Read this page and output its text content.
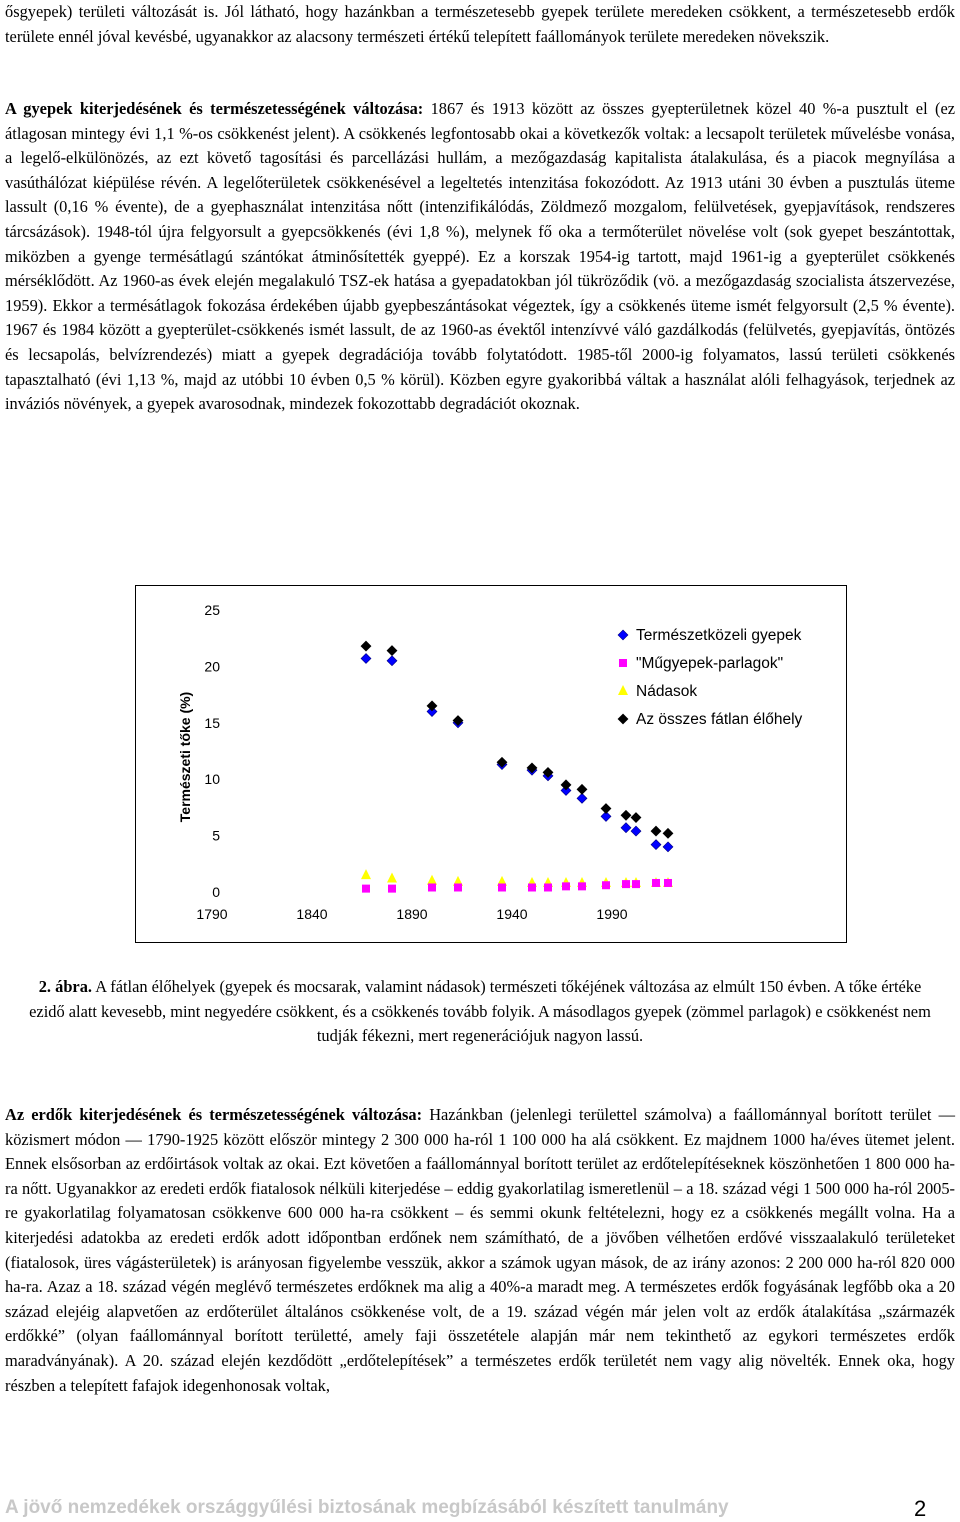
ősgyepek) területi változását is. Jól látható, hogy hazánkban a természetesebb gyepek területe meredeken csökkent, a természetesebb erdők területe ennél jóval kevésbé, ugyanakkor az alacsony természeti értékű telepített faállományok területe meredeken növekszik.

A gyepek kiterjedésének és természetességének változása: 1867 és 1913 között az összes gyepterületnek közel 40 %-a pusztult el (ez átlagosan mintegy évi 1,1 %-os csökkenést jelent). A csökkenés legfontosabb okai a következők voltak: a lecsapolt területek művelésbe vonása, a legelő-elkülönözés, az ezt követő tagosítási és parcellázási hullám, a mezőgazdaság kapitalista átalakulása, és a piacok megnyílása a vasúthálózat kiépülése révén. A legelőterületek csökkenésével a legeltetés intenzitása fokozódott. Az 1913 utáni 30 évben a pusztulás üteme lassult (0,16 % évente), de a gyephasználat intenzitása nőtt (intenzifikálódás, Zöldmező mozgalom, felülvetések, gyepjavítások, rendszeres tárcsázások). 1948-tól újra felgyorsult a gyepcsökkenés (évi 1,8 %), melynek fő oka a termőterület növelése volt (sok gyepet beszántottak, miközben a gyenge termésátlagú szántókat átminősítették gyeppé). Ez a korszak 1954-ig tartott, majd 1961-ig a gyepterület csökkenés mérséklődött. Az 1960-as évek elején megalakuló TSZ-ek hatása a gyepadatokban jól tükröződik (vö. a mezőgazdaság szocialista átszervezése, 1959). Ekkor a termésátlagok fokozása érdekében újabb gyepbeszántásokat végeztek, így a csökkenés üteme ismét felgyorsult (2,5 % évente). 1967 és 1984 között a gyepterület-csökkenés ismét lassult, de az 1960-as évektől intenzívvé váló gazdálkodás (felülvetés, gyepjavítás, öntözés és lecsapolás, belvízrendezés) miatt a gyepek degradációja tovább folytatódott. 1985-től 2000-ig folyamatos, lassú területi csökkenés tapasztalható (évi 1,13 %, majd az utóbbi 10 évben 0,5 % körül). Közben egyre gyakoribbá váltak a használat alóli felhagyások, terjednek az inváziós növények, a gyepek avarosodnak, mindezek fokozottabb degradációt okoznak.

Természeti tőke (%)
0
5
10
15
20
25
1790	1840	1890	1940	1990
Természetközeli gyepek
"Műgyepek-parlagok"
Nádasok
Az összes fátlan élőhely

2. ábra. A fátlan élőhelyek (gyepek és mocsarak, valamint nádasok) természeti tőkéjének változása az elmúlt 150 évben. A tőke értéke ezidő alatt kevesebb, mint negyedére csökkent, és a csökkenés tovább folyik. A másodlagos gyepek (zömmel parlagok) e csökkenést nem tudják fékezni, mert regenerációjuk nagyon lassú.

Az erdők kiterjedésének és természetességének változása: Hazánkban (jelenlegi területtel számolva) a faállománnyal borított terület — közismert módon — 1790-1925 között először mintegy 2 300 000 ha-ról 1 100 000 ha alá csökkent. Ez majdnem 1000 ha/éves ütemet jelent. Ennek elsősorban az erdőirtások voltak az okai. Ezt követően a faállománnyal borított terület az erdőtelepítéseknek köszönhetően 1 800 000 ha-ra nőtt. Ugyanakkor az eredeti erdők fiatalosok nélküli kiterjedése – eddig gyakorlatilag ismeretlenül – a 18. század végi 1 500 000 ha-ról 2005-re gyakorlatilag folyamatosan csökkenve 600 000 ha-ra csökkent – és semmi okunk feltételezni, hogy ez a csökkenés megállt volna. Ha a kiterjedési adatokba az eredeti erdők adott időpontban erdőnek nem számítható, de a jövőben vélhetően erdővé visszaalakuló területeket (fiatalosok, üres vágásterületek) is arányosan figyelembe vesszük, akkor a számok ugyan mások, de az irány azonos: 2 200 000 ha-ról 820 000 ha-ra. Azaz a 18. század végén meglévő természetes erdőknek ma alig a 40%-a maradt meg. A természetes erdők fogyásának legfőbb oka a 20 század elejéig alapvetően az erdőterület általános csökkenése volt, de a 19. század végén már jelen volt az erdők átalakítása „származék erdőkké” (olyan faállománnyal borított területté, amely faji összetétele alapján már nem tekinthető az egykori természetes erdők maradványának). A 20. század elején kezdődött „erdőtelepítések” a természetes erdők területét nem vagy alig növelték. Ennek oka, hogy részben a telepített fafajok idegenhonosak voltak,

A jövő nemzedékek országgyűlési biztosának megbízásából készített tanulmány	2
